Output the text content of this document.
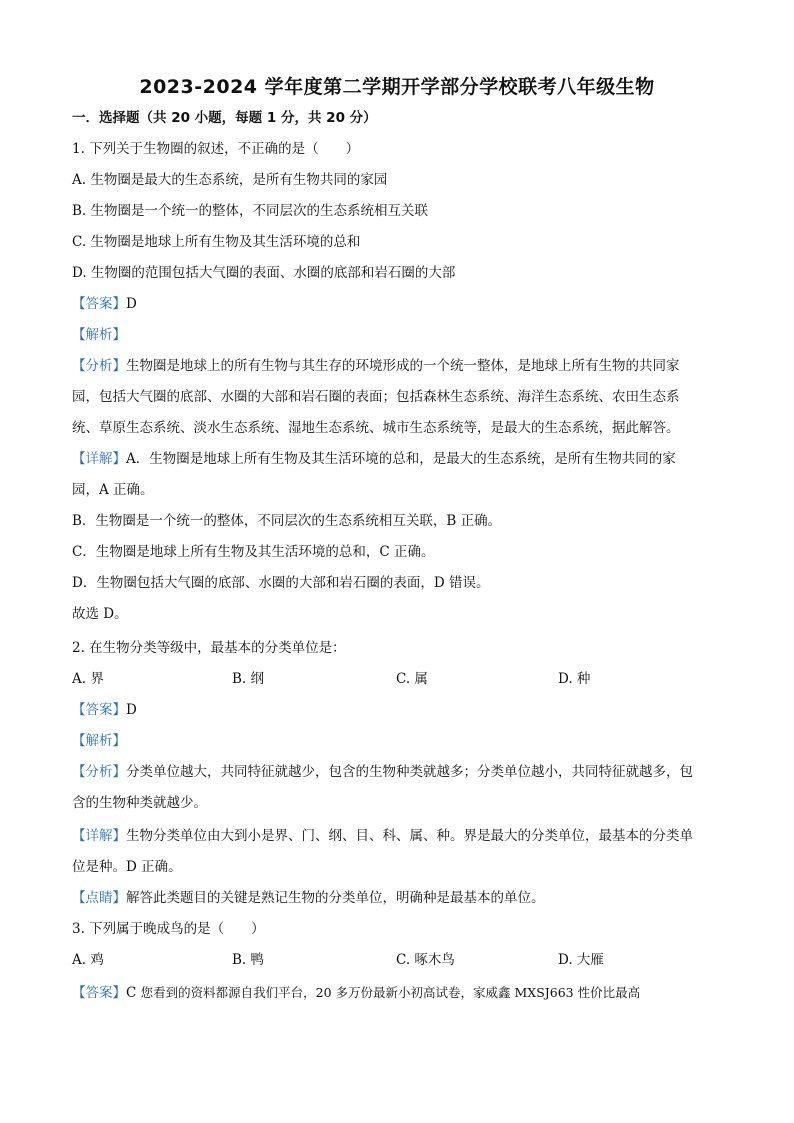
2023-2024 学年度第二学期开学部分学校联考八年级生物
一．选择题（共 20 小题，每题 1 分，共 20 分）
1. 下列关于生物圈的叙述，不正确的是（　　）
A. 生物圈是最大的生态系统，是所有生物共同的家园
B. 生物圈是一个统一的整体，不同层次的生态系统相互关联
C. 生物圈是地球上所有生物及其生活环境的总和
D. 生物圈的范围包括大气圈的表面、水圈的底部和岩石圈的大部
【答案】D
【解析】
【分析】生物圈是地球上的所有生物与其生存的环境形成的一个统一整体，是地球上所有生物的共同家
园，包括大气圈的底部、水圈的大部和岩石圈的表面；包括森林生态系统、海洋生态系统、农田生态系
统、草原生态系统、淡水生态系统、湿地生态系统、城市生态系统等，是最大的生态系统，据此解答。
【详解】A．生物圈是地球上所有生物及其生活环境的总和，是最大的生态系统，是所有生物共同的家
园，A 正确。
B．生物圈是一个统一的整体，不同层次的生态系统相互关联，B 正确。
C．生物圈是地球上所有生物及其生活环境的总和，C 正确。
D．生物圈包括大气圈的底部、水圈的大部和岩石圈的表面，D 错误。
故选 D。
2. 在生物分类等级中，最基本的分类单位是：
A. 界	B. 纲	C. 属	D. 种
【答案】D
【解析】
【分析】分类单位越大，共同特征就越少，包含的生物种类就越多；分类单位越小，共同特征就越多，包
含的生物种类就越少。
【详解】生物分类单位由大到小是界、门、纲、目、科、属、种。界是最大的分类单位，最基本的分类单
位是种。D 正确。
【点睛】解答此类题目的关键是熟记生物的分类单位，明确种是最基本的单位。
3. 下列属于晚成鸟的是（　　）
A. 鸡	B. 鸭	C. 啄木鸟	D. 大雁
【答案】C 您看到的资料都源自我们平台，20 多万份最新小初高试卷，家威鑫 MXSJ663 性价比最高
